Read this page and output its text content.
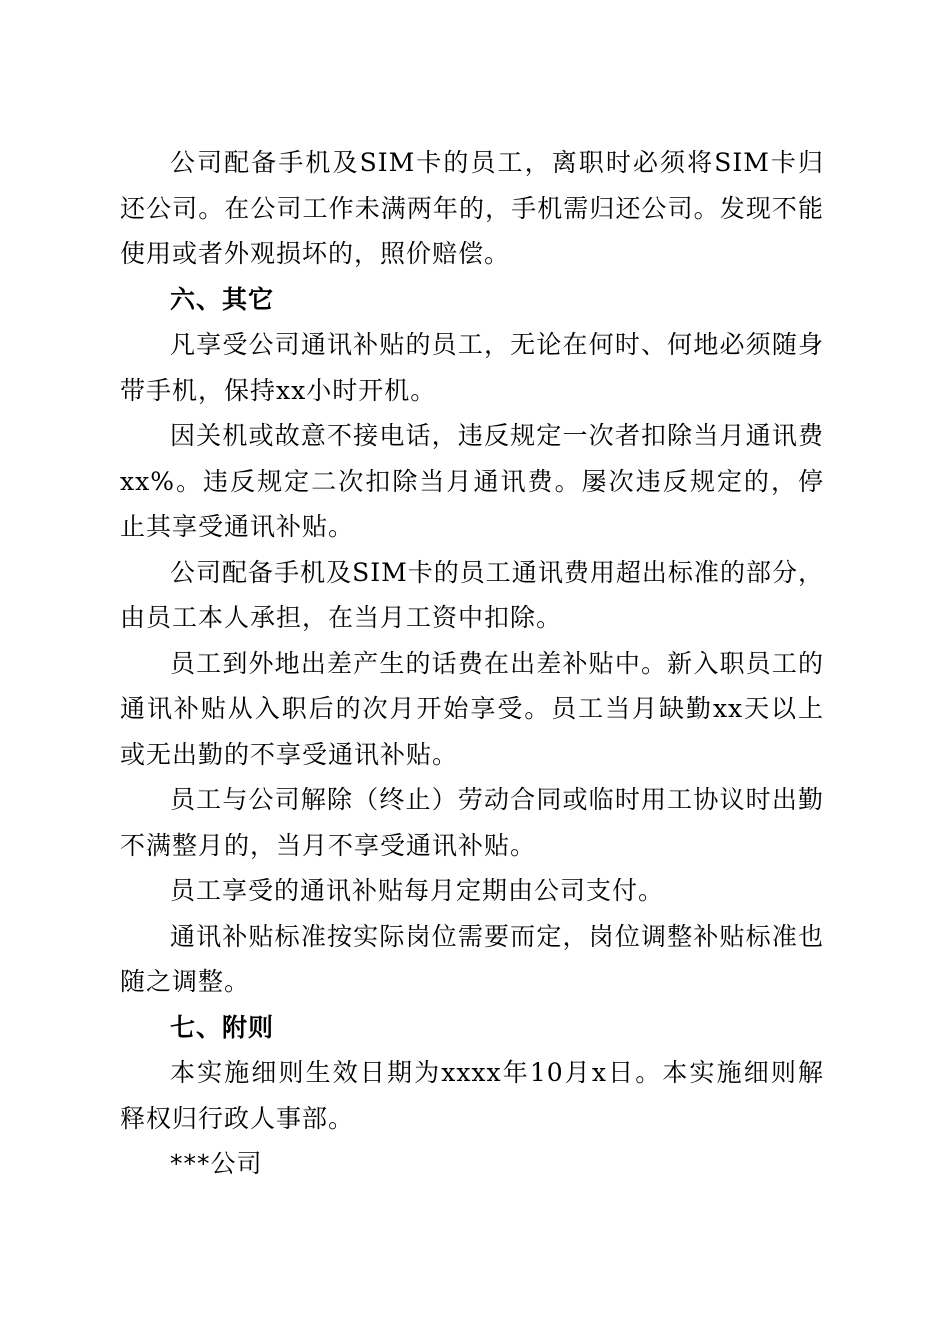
公司配备手机及SIM卡的员工，离职时必须将SIM卡归还公司。在公司工作未满两年的，手机需归还公司。发现不能使用或者外观损坏的，照价赔偿。

六、其它

凡享受公司通讯补贴的员工，无论在何时、何地必须随身带手机，保持xx小时开机。

因关机或故意不接电话，违反规定一次者扣除当月通讯费xx%。违反规定二次扣除当月通讯费。屡次违反规定的，停止其享受通讯补贴。

公司配备手机及SIM卡的员工通讯费用超出标准的部分，由员工本人承担，在当月工资中扣除。

员工到外地出差产生的话费在出差补贴中。新入职员工的通讯补贴从入职后的次月开始享受。员工当月缺勤xx天以上或无出勤的不享受通讯补贴。

员工与公司解除（终止）劳动合同或临时用工协议时出勤不满整月的，当月不享受通讯补贴。

员工享受的通讯补贴每月定期由公司支付。

通讯补贴标准按实际岗位需要而定，岗位调整补贴标准也随之调整。

七、附则

本实施细则生效日期为xxxx年10月x日。本实施细则解释权归行政人事部。

***公司
